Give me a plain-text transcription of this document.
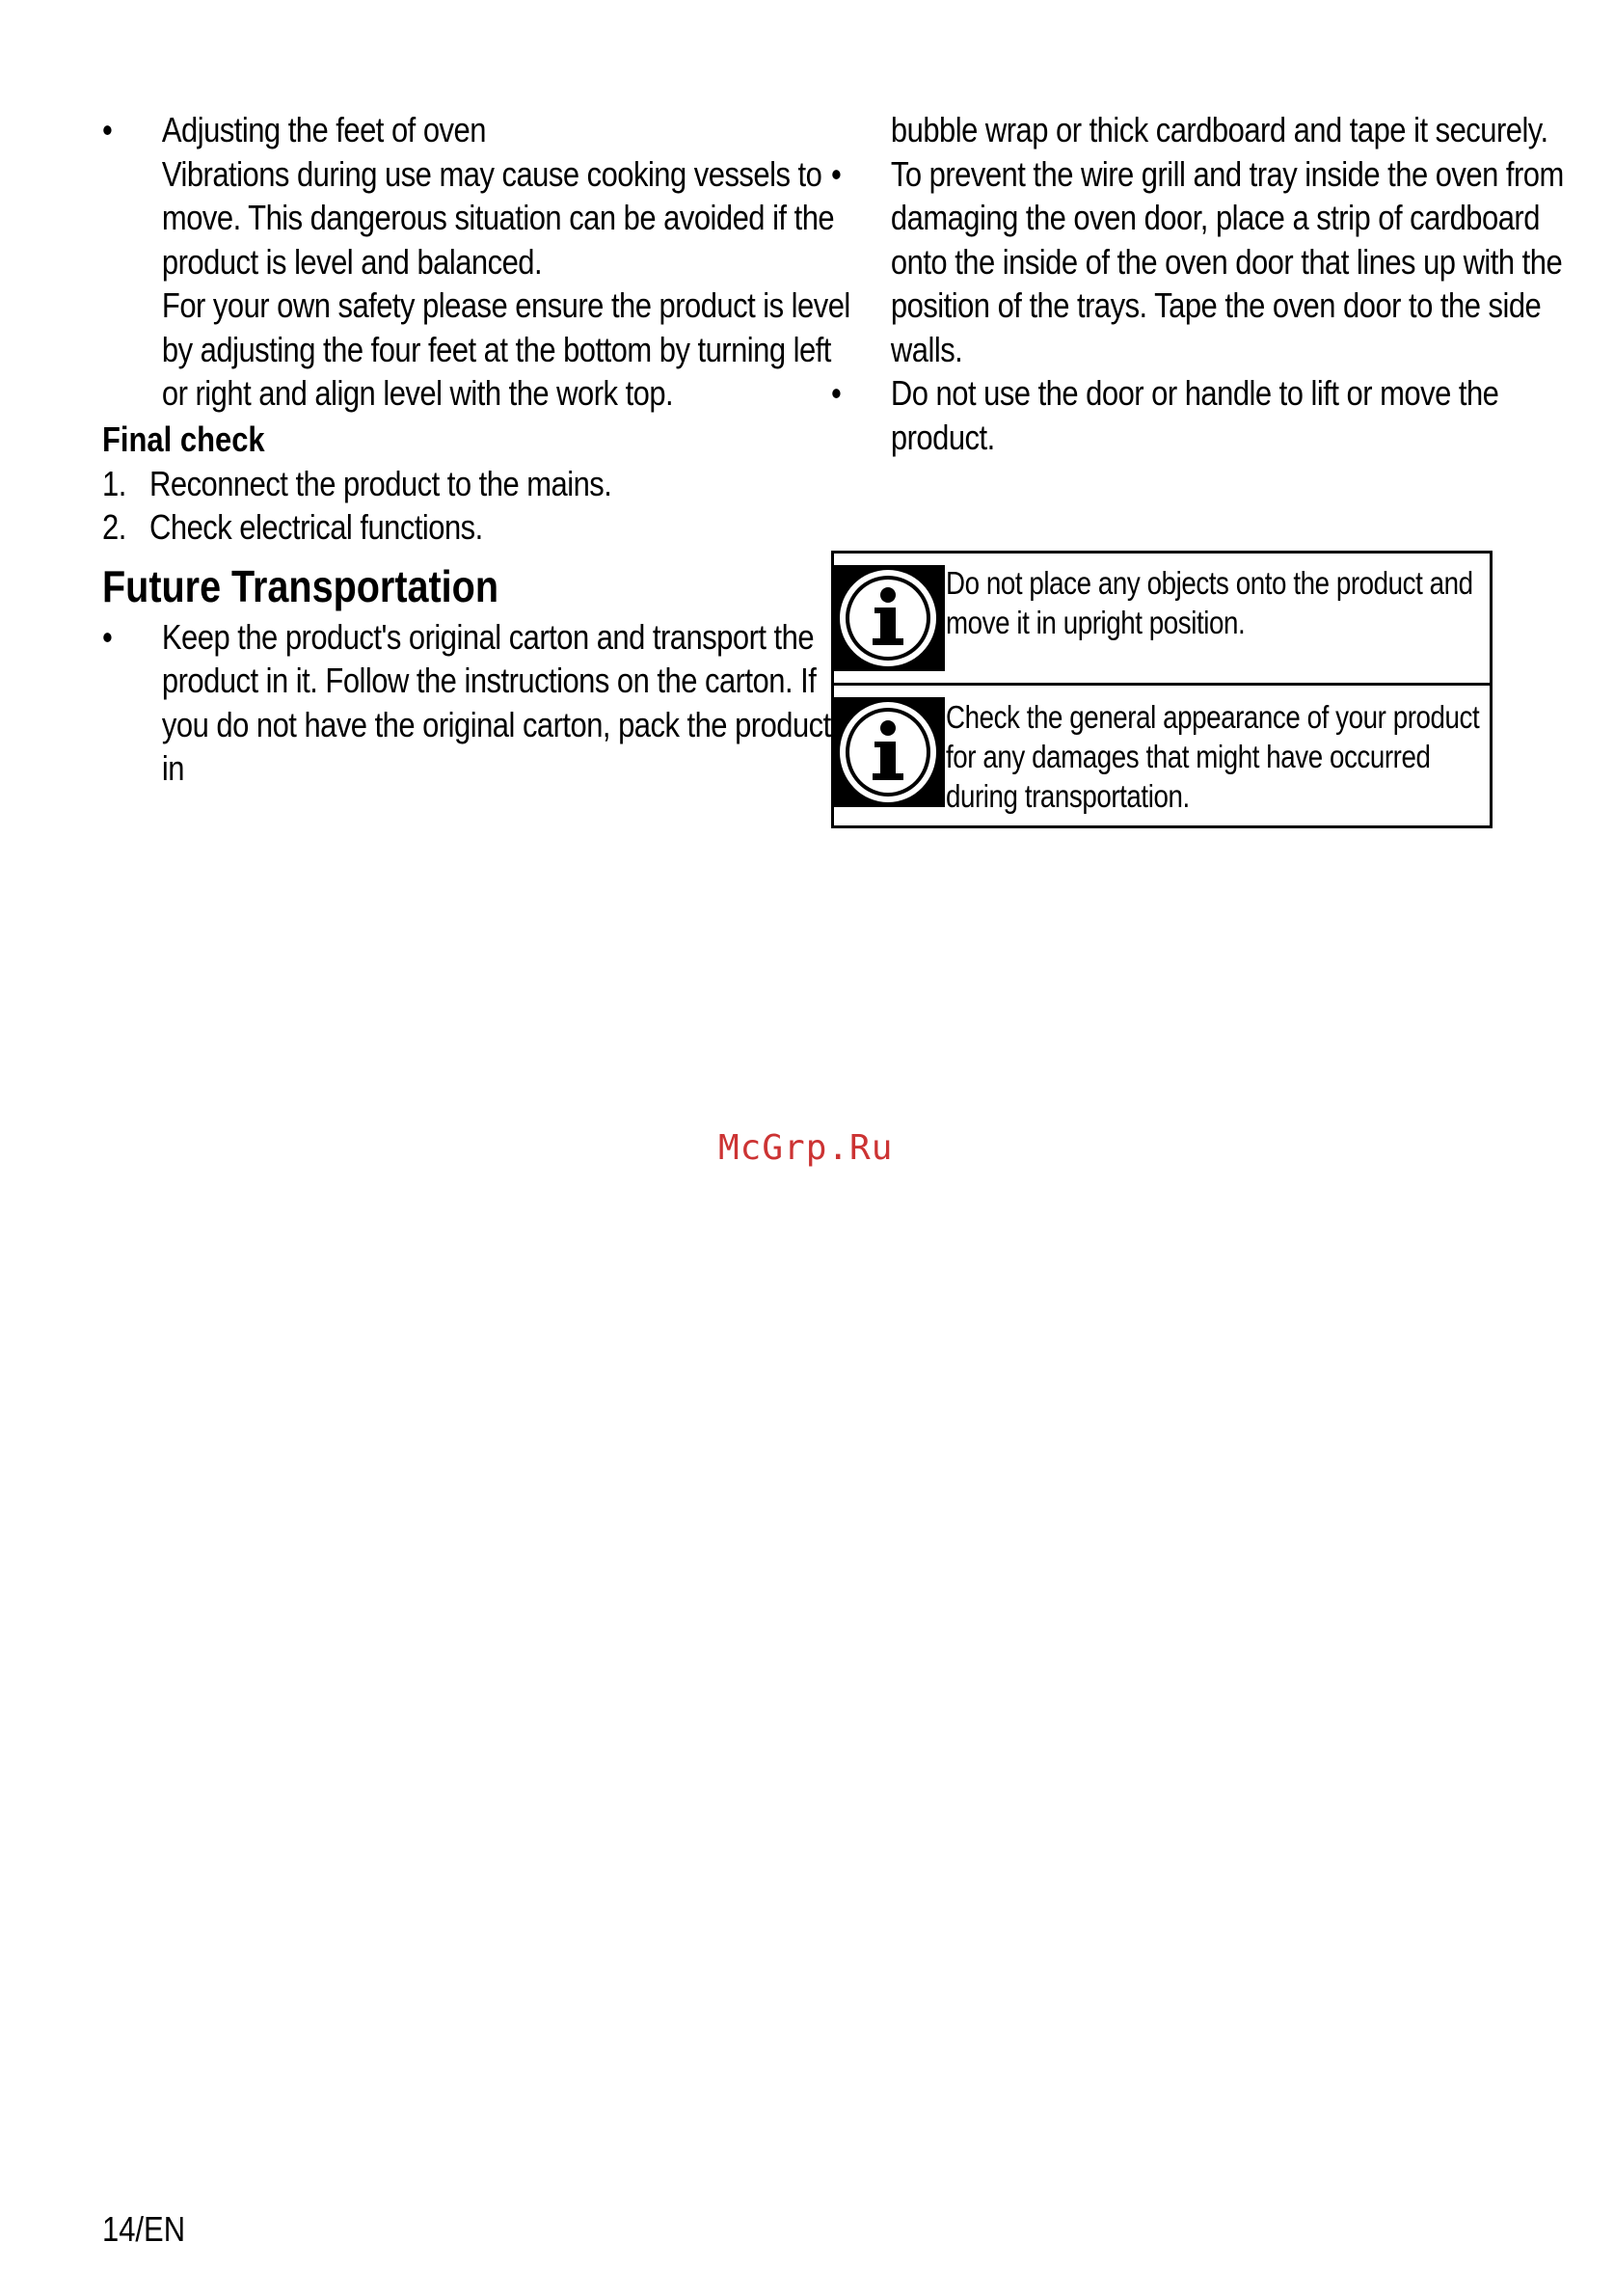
•	Adjusting the feet of oven
Vibrations during use may cause cooking vessels to move. This dangerous situation can be avoided if the product is level and balanced.
For your own safety please ensure the product is level by adjusting the four feet at the bottom by turning left or right and align level with the work top.
Final check
1. Reconnect the product to the mains.
2. Check electrical functions.
Future Transportation
•	Keep the product's original carton and transport the product in it. Follow the instructions on the carton. If you do not have the original carton, pack the product in
bubble wrap or thick cardboard and tape it securely.
•	To prevent the wire grill and tray inside the oven from damaging the oven door, place a strip of cardboard onto the inside of the oven door that lines up with the position of the trays. Tape the oven door to the side walls.
•	Do not use the door or handle to lift or move the product.
Do not place any objects onto the product and move it in upright position.
Check the general appearance of your product for any damages that might have occurred during transportation.
McGrp.Ru
14/EN
